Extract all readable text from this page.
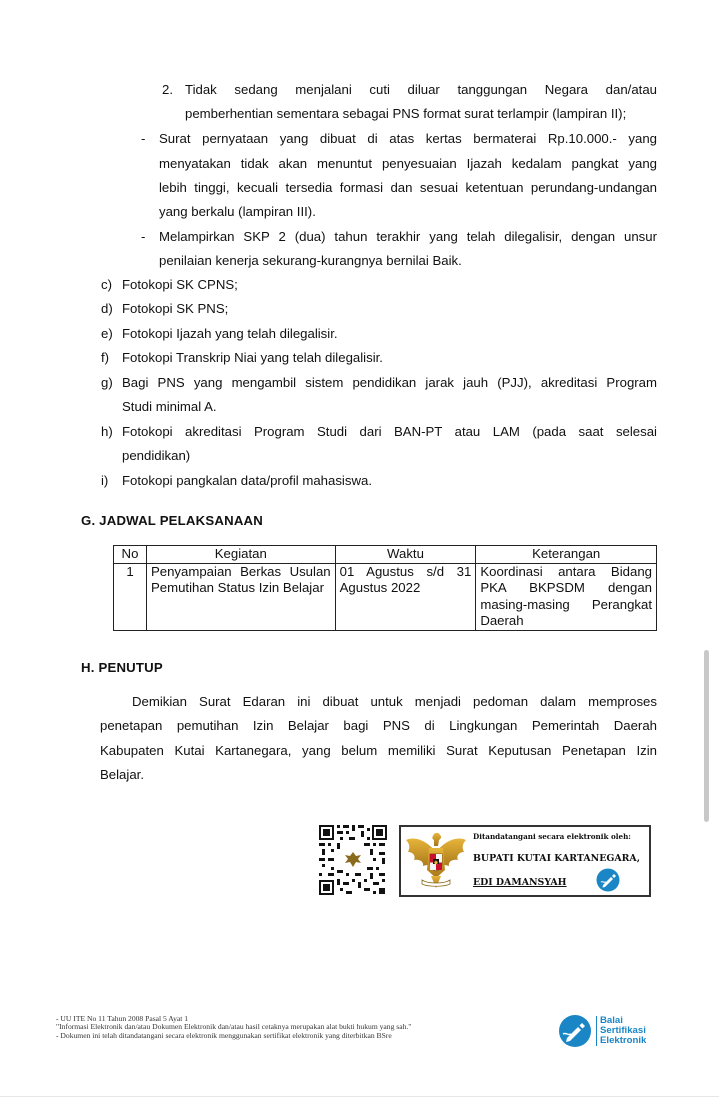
2. Tidak sedang menjalani cuti diluar tanggungan Negara dan/atau
pemberhentian sementara sebagai PNS format surat terlampir (lampiran II);
- Surat pernyataan yang dibuat di atas kertas bermaterai Rp.10.000.- yang
menyatakan tidak akan menuntut penyesuaian Ijazah kedalam pangkat yang
lebih tinggi, kecuali tersedia formasi dan sesuai ketentuan perundang-undangan
yang berkalu (lampiran III).
- Melampirkan SKP 2 (dua) tahun terakhir yang telah dilegalisir, dengan unsur
penilaian kenerja sekurang-kurangnya bernilai Baik.
c) Fotokopi SK CPNS;
d) Fotokopi SK PNS;
e) Fotokopi Ijazah yang telah dilegalisir.
f) Fotokopi Transkrip Niai yang telah dilegalisir.
g) Bagi PNS yang mengambil sistem pendidikan jarak jauh (PJJ), akreditasi Program
Studi minimal A.
h) Fotokopi akreditasi Program Studi dari BAN-PT atau LAM (pada saat selesai
pendidikan)
i) Fotokopi pangkalan data/profil mahasiswa.
G. JADWAL PELAKSANAAN
No	Kegiatan	Waktu	Keterangan
1	Penyampaian Berkas Usulan Pemutihan Status Izin Belajar	01 Agustus s/d 31 Agustus 2022	Koordinasi antara Bidang PKA BKPSDM dengan masing-masing Perangkat Daerah
H. PENUTUP
Demikian Surat Edaran ini dibuat untuk menjadi pedoman dalam memproses
penetapan pemutihan Izin Belajar bagi PNS di Lingkungan Pemerintah Daerah
Kabupaten Kutai Kartanegara, yang belum memiliki Surat Keputusan Penetapan Izin
Belajar.
Ditandatangani secara elektronik oleh:
BUPATI KUTAI KARTANEGARA,
EDI DAMANSYAH
- UU ITE No 11 Tahun 2008 Pasal 5 Ayat 1
"Informasi Elektronik dan/atau Dokumen Elektronik dan/atau hasil cetaknya merupakan alat bukti hukum yang sah."
- Dokumen ini telah ditandatangani secara elektronik menggunakan sertifikat elektronik yang diterbitkan BSre
Balai
Sertifikasi
Elektronik
